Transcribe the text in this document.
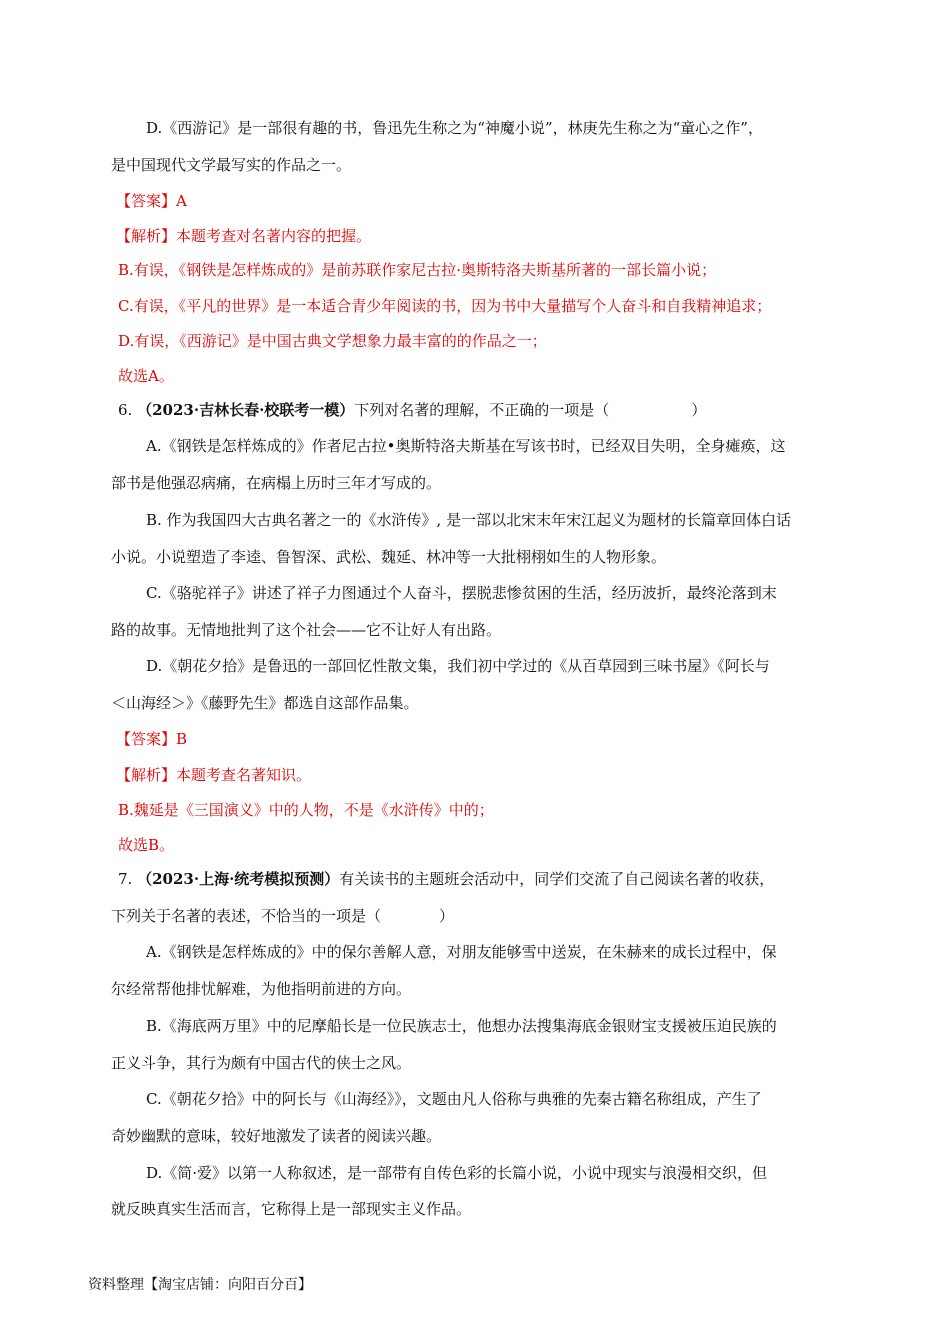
D.《西游记》是一部很有趣的书，鲁迅先生称之为“神魔小说”，林庚先生称之为“童心之作”，
是中国现代文学最写实的作品之一。
【答案】A
【解析】本题考查对名著内容的把握。
B.有误，《钢铁是怎样炼成的》是前苏联作家尼古拉·奥斯特洛夫斯基所著的一部长篇小说；
C.有误，《平凡的世界》是一本适合青少年阅读的书，因为书中大量描写个人奋斗和自我精神追求；
D.有误，《西游记》是中国古典文学想象力最丰富的的作品之一；
故选A。
6. （2023·吉林长春·校联考一模）下列对名著的理解，不正确的一项是（	）
A.《钢铁是怎样炼成的》作者尼古拉•奥斯特洛夫斯基在写该书时，已经双目失明，全身瘫痪，这
部书是他强忍病痛，在病榻上历时三年才写成的。
B. 作为我国四大古典名著之一的《水浒传》, 是一部以北宋末年宋江起义为题材的长篇章回体白话
小说。小说塑造了李逵、鲁智深、武松、魏延、林冲等一大批栩栩如生的人物形象。
C.《骆驼祥子》讲述了祥子力图通过个人奋斗，摆脱悲惨贫困的生活，经历波折，最终沦落到末
路的故事。无情地批判了这个社会——它不让好人有出路。
D.《朝花夕拾》是鲁迅的一部回忆性散文集，我们初中学过的《从百草园到三味书屋》《阿长与
＜山海经＞》《藤野先生》都选自这部作品集。
【答案】B
【解析】本题考查名著知识。
B.魏延是《三国演义》中的人物，不是《水浒传》中的；
故选B。
7. （2023·上海·统考模拟预测）有关读书的主题班会活动中，同学们交流了自己阅读名著的收获，
下列关于名著的表述，不恰当的一项是（	）
A.《钢铁是怎样炼成的》中的保尔善解人意，对朋友能够雪中送炭，在朱赫来的成长过程中，保
尔经常帮他排忧解难，为他指明前进的方向。
B.《海底两万里》中的尼摩船长是一位民族志士，他想办法搜集海底金银财宝支援被压迫民族的
正义斗争，其行为颇有中国古代的侠士之风。
C.《朝花夕拾》中的阿长与《山海经》》，文题由凡人俗称与典雅的先秦古籍名称组成，产生了
奇妙幽默的意味，较好地激发了读者的阅读兴趣。
D.《简·爱》以第一人称叙述，是一部带有自传色彩的长篇小说，小说中现实与浪漫相交织，但
就反映真实生活而言，它称得上是一部现实主义作品。
资料整理【淘宝店铺：向阳百分百】
